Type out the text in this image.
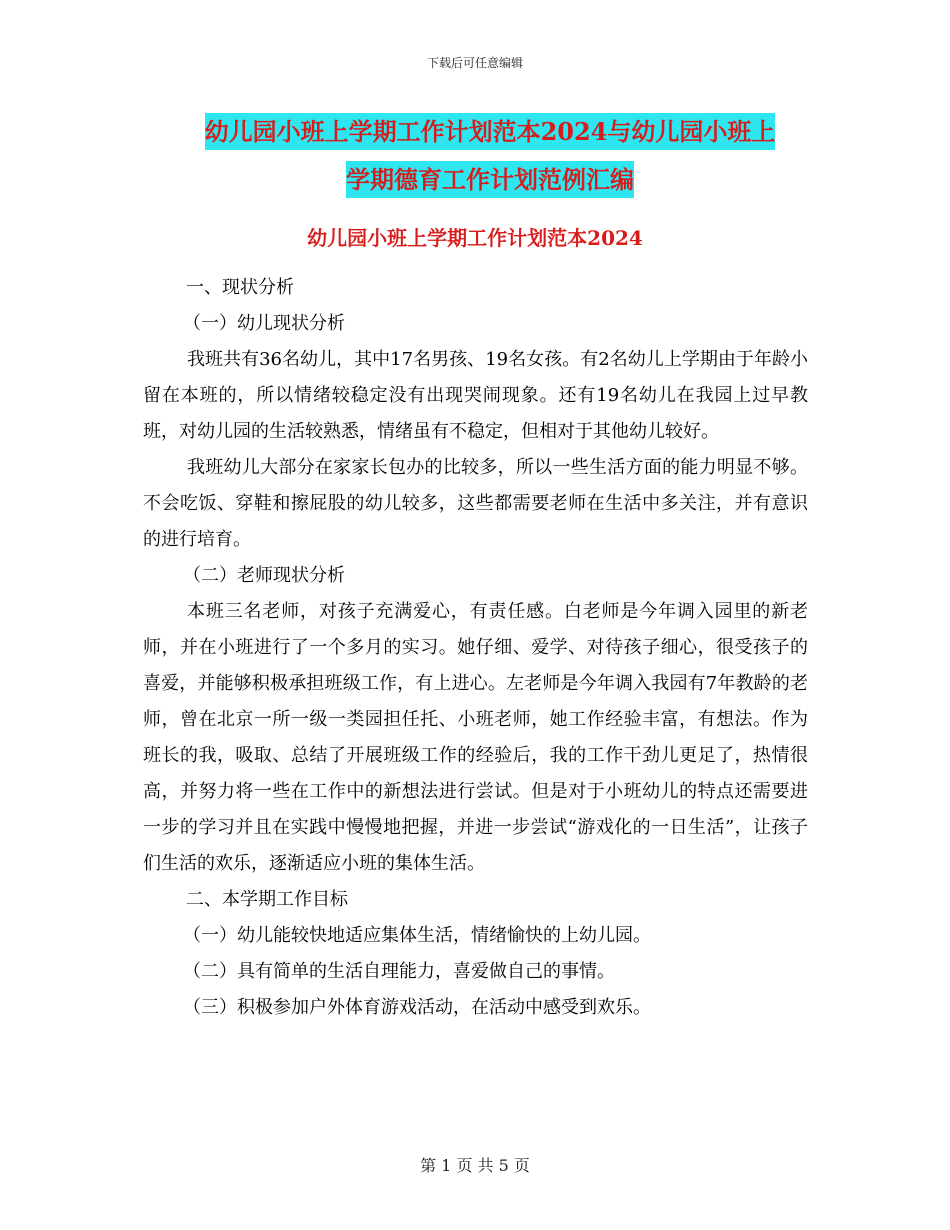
下载后可任意编辑
幼儿园小班上学期工作计划范本2024与幼儿园小班上
学期德育工作计划范例汇编
幼儿园小班上学期工作计划范本2024

一、现状分析

（一）幼儿现状分析

我班共有36名幼儿，其中17名男孩、19名女孩。有2名幼儿上学期由于年龄小留在本班的，所以情绪较稳定没有出现哭闹现象。还有19名幼儿在我园上过早教班，对幼儿园的生活较熟悉，情绪虽有不稳定，但相对于其他幼儿较好。

我班幼儿大部分在家家长包办的比较多，所以一些生活方面的能力明显不够。不会吃饭、穿鞋和擦屁股的幼儿较多，这些都需要老师在生活中多关注，并有意识的进行培育。

（二）老师现状分析

本班三名老师，对孩子充满爱心，有责任感。白老师是今年调入园里的新老师，并在小班进行了一个多月的实习。她仔细、爱学、对待孩子细心，很受孩子的喜爱，并能够积极承担班级工作，有上进心。左老师是今年调入我园有7年教龄的老师，曾在北京一所一级一类园担任托、小班老师，她工作经验丰富，有想法。作为班长的我，吸取、总结了开展班级工作的经验后，我的工作干劲儿更足了，热情很高，并努力将一些在工作中的新想法进行尝试。但是对于小班幼儿的特点还需要进一步的学习并且在实践中慢慢地把握，并进一步尝试“游戏化的一日生活”，让孩子们生活的欢乐，逐渐适应小班的集体生活。

二、本学期工作目标

（一）幼儿能较快地适应集体生活，情绪愉快的上幼儿园。

（二）具有简单的生活自理能力，喜爱做自己的事情。

（三）积极参加户外体育游戏活动，在活动中感受到欢乐。

第 1 页 共 5 页
